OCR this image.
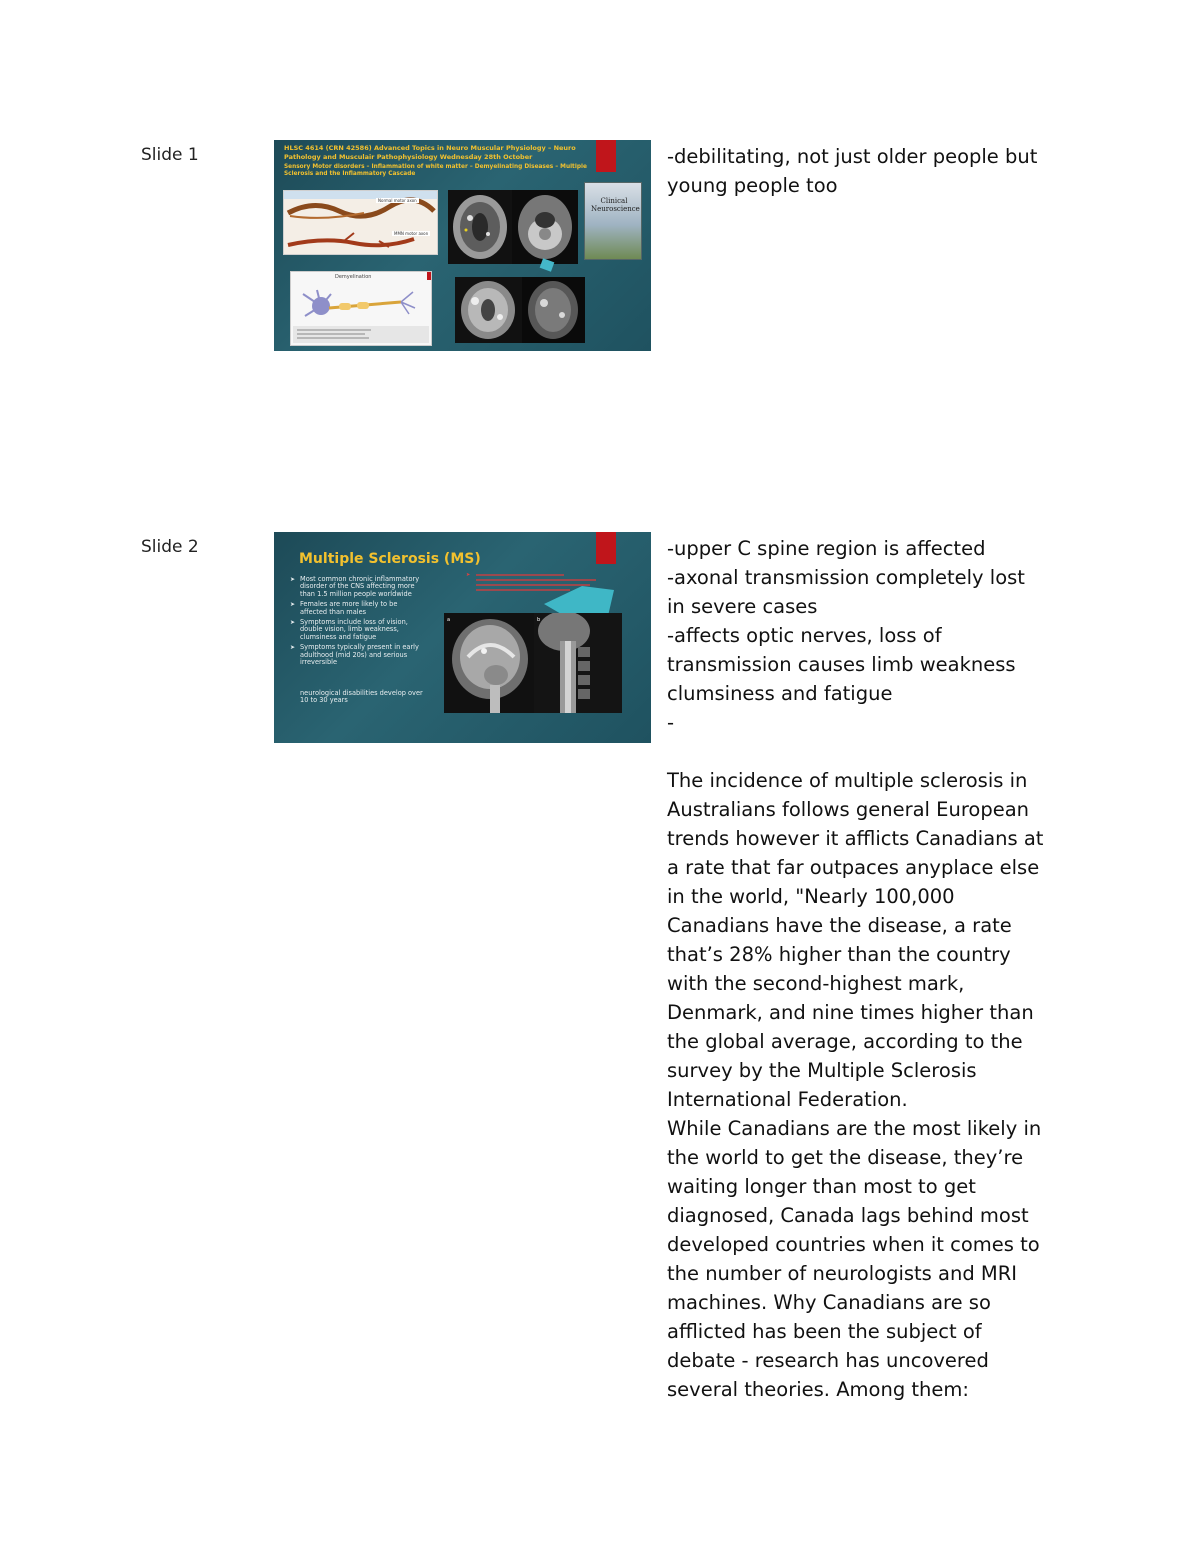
Slide 1	HLSC 4614 (CRN 42586) Advanced Topics in Neuro Muscular Physiology – Neuro Pathology and Musculair Pathophysiology Wednesday 28th October
Sensory Motor disorders – Inflammation of white matter – Demyelinating Diseases – Multiple Sclerosis and the Inflammatory Cascade
Normal motor axon
MMN motor axon
Clinical Neuroscience
Demyelination

-debilitating, not just older people but young people too

Slide 2
Multiple Sclerosis (MS)
➤ Most common chronic inflammatory disorder of the CNS affecting more than 1.5 million people worldwide
➤ Females are more likely to be affected than males
➤ Symptoms include loss of vision, double vision, limb weakness, clumsiness and fatigue
➤ Symptoms typically present in early adulthood (mid 20s) and serious irreversible
neurological disabilities develop over 10 to 30 years
➤
a	b

-upper C spine region is affected
-axonal transmission completely lost in severe cases
-affects optic nerves, loss of transmission causes limb weakness clumsiness and fatigue
-

The incidence of multiple sclerosis in Australians follows general European trends however it afflicts Canadians at a rate that far outpaces anyplace else in the world, "Nearly 100,000 Canadians have the disease, a rate that’s 28% higher than the country with the second-highest mark, Denmark, and nine times higher than the global average, according to the survey by the Multiple Sclerosis International Federation.
While Canadians are the most likely in the world to get the disease, they’re waiting longer than most to get diagnosed, Canada lags behind most developed countries when it comes to the number of neurologists and MRI machines. Why Canadians are so afflicted has been the subject of debate - research has uncovered several theories. Among them:
